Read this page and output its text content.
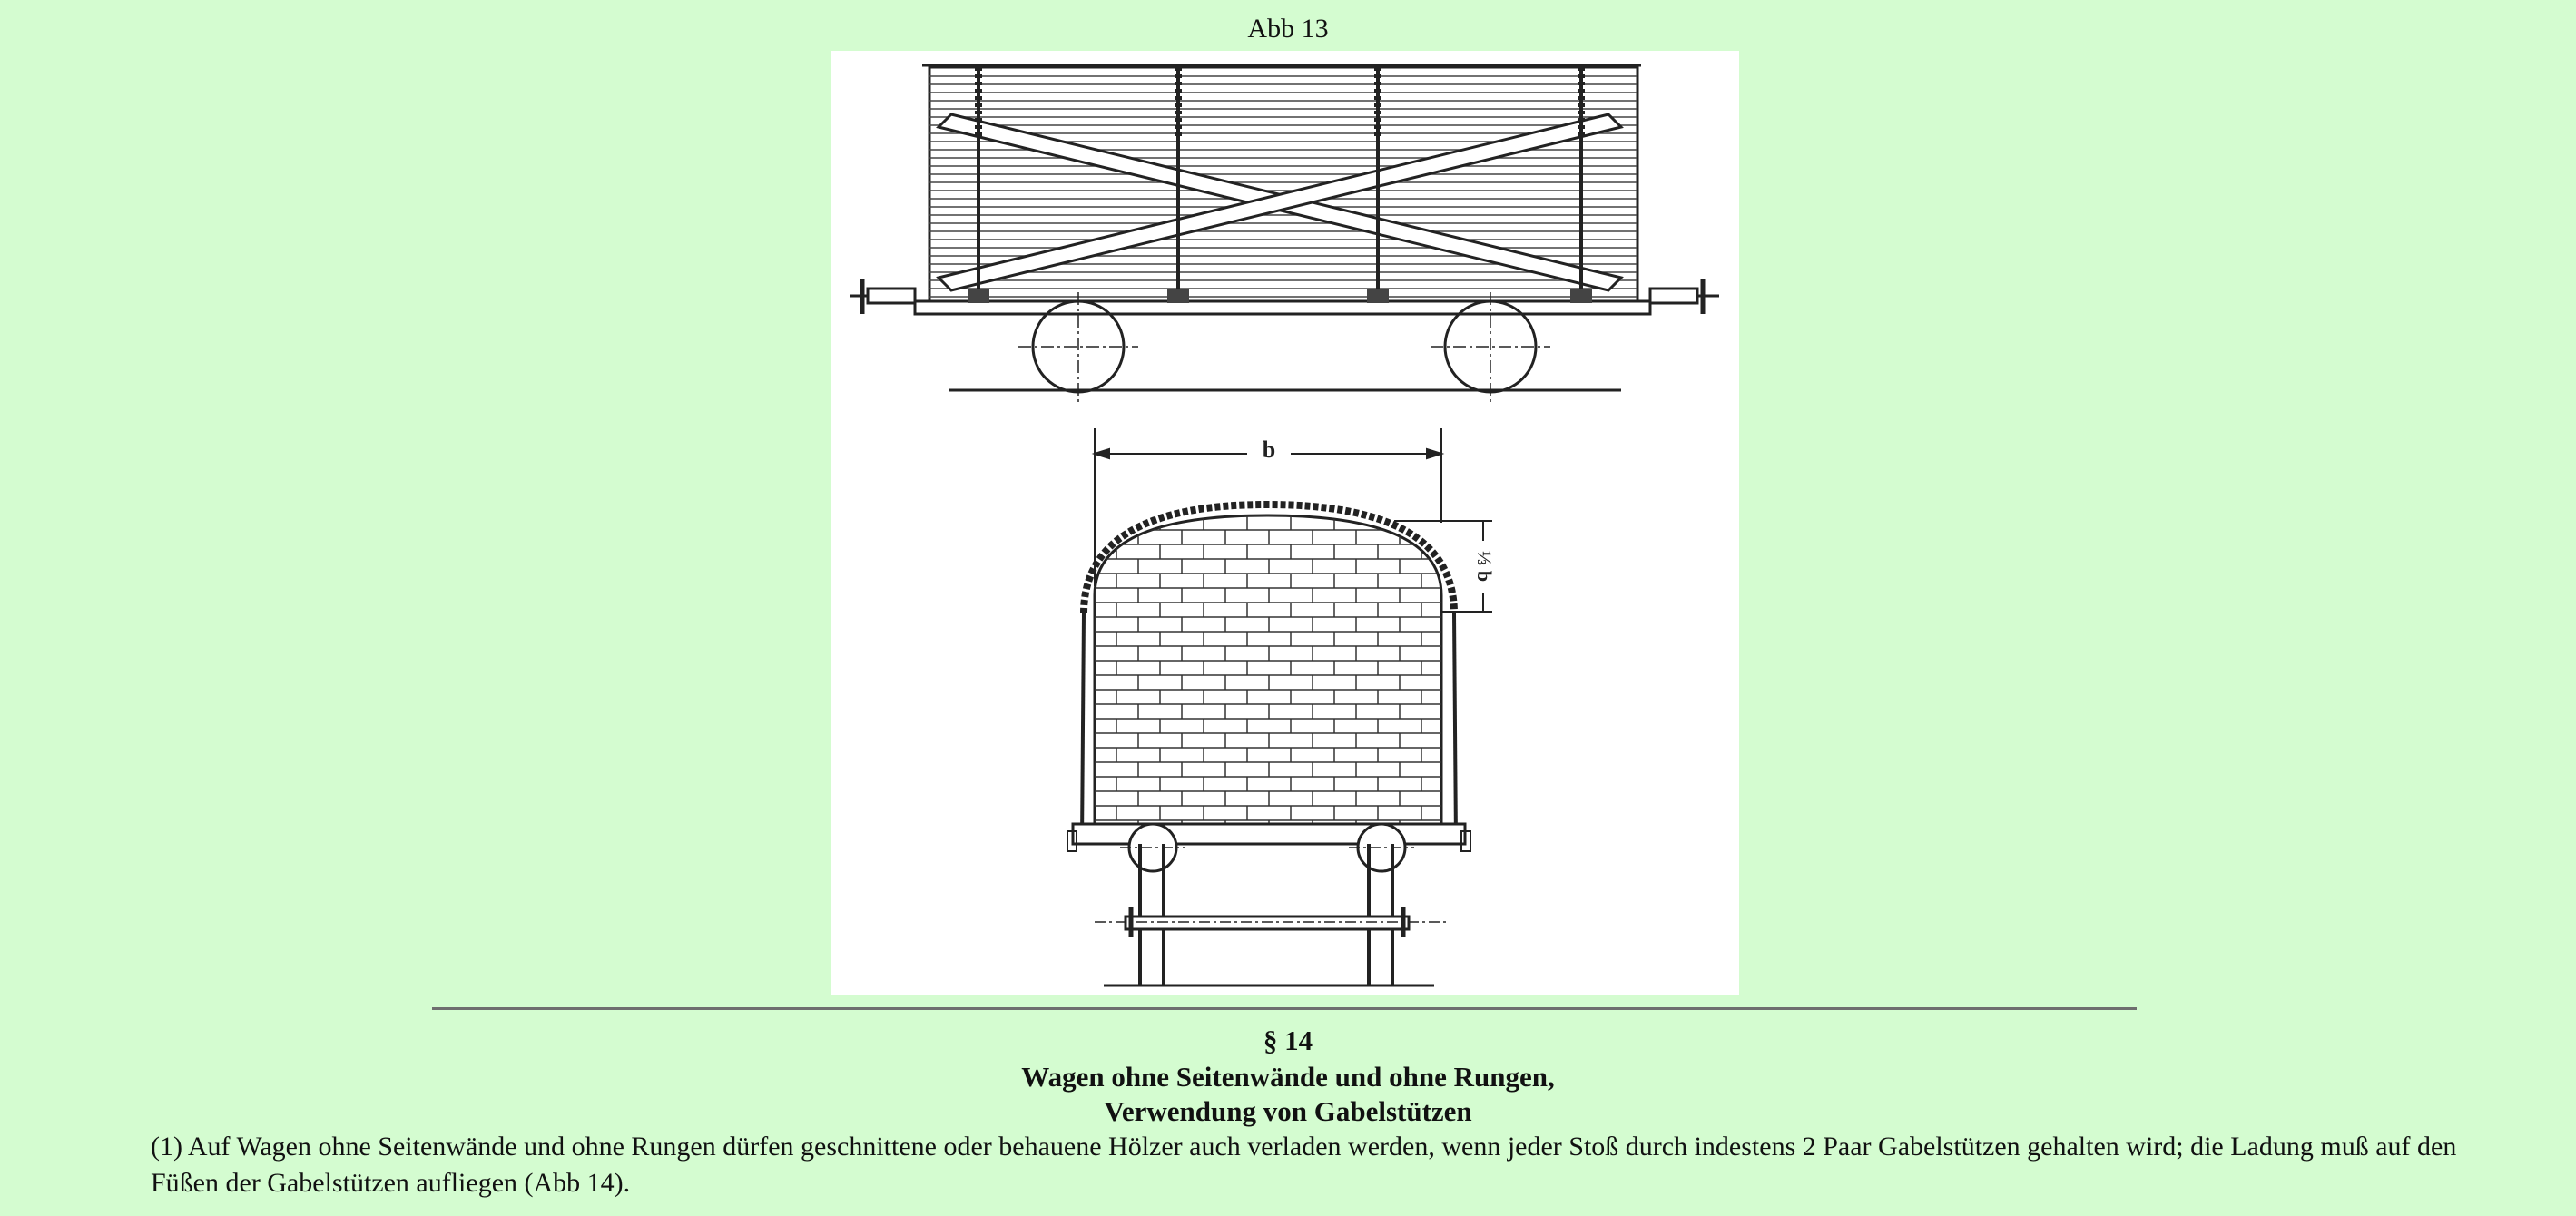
Abb 13
b
⅓ b
§ 14
Wagen ohne Seitenwände und ohne Rungen,
Verwendung von Gabelstützen
(1) Auf Wagen ohne Seitenwände und ohne Rungen dürfen geschnittene oder behauene Hölzer auch verladen werden, wenn jeder Stoß durch indestens 2 Paar Gabelstützen gehalten wird; die Ladung muß auf den Füßen der Gabelstützen aufliegen (Abb 14).
